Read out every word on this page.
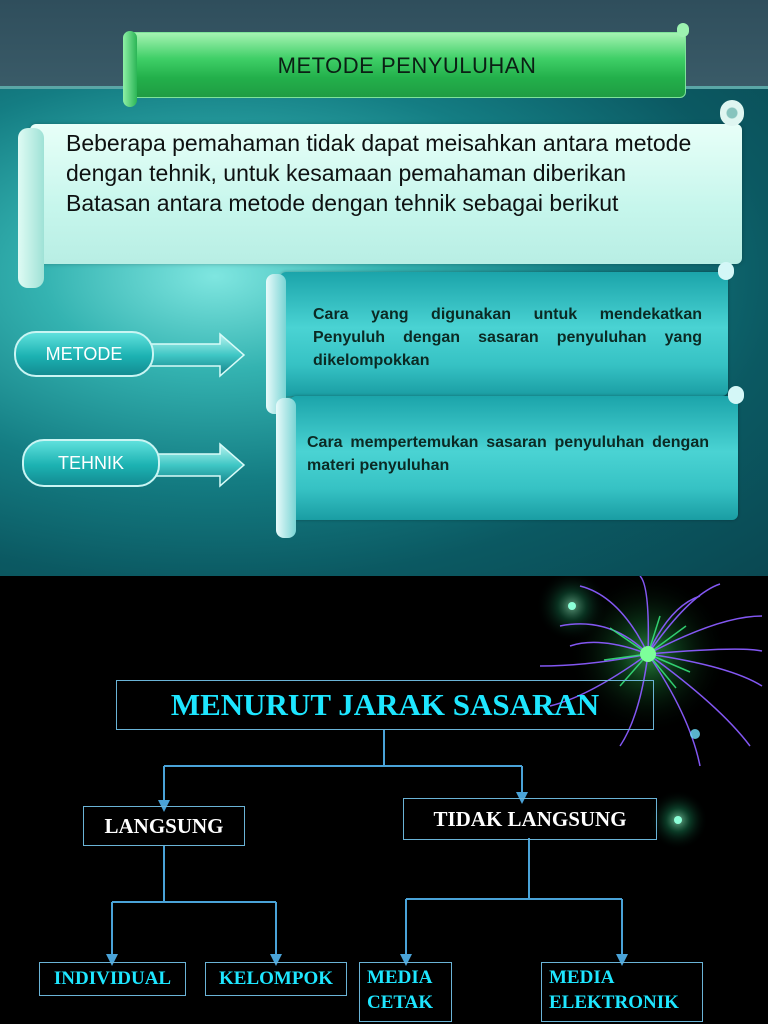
METODE PENYULUHAN
Beberapa pemahaman tidak dapat meisahkan antara metode dengan tehnik, untuk kesamaan pemahaman diberikan Batasan antara metode dengan tehnik sebagai berikut
Cara yang digunakan untuk mendekatkan Penyuluh dengan sasaran penyuluhan yang dikelompokkan
Cara mempertemukan sasaran penyuluhan dengan materi penyuluhan
METODE
TEHNIK
MENURUT JARAK SASARAN
LANGSUNG	TIDAK LANGSUNG
INDIVIDUAL	KELOMPOK	MEDIA
CETAK
MEDIA
ELEKTRONIK
